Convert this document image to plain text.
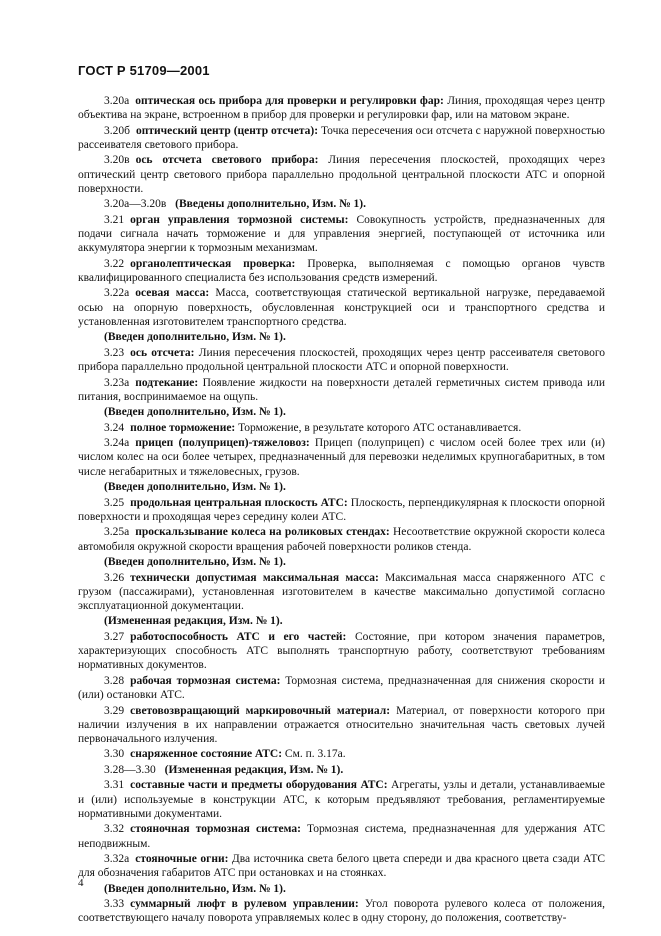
ГОСТ Р 51709—2001

3.20а оптическая ось прибора для проверки и регулировки фар: Линия, проходящая через центр объектива на экране, встроенном в прибор для проверки и регулировки фар, или на матовом экране.

3.20б оптический центр (центр отсчета): Точка пересечения оси отсчета с наружной поверхностью рассеивателя светового прибора.

3.20в ось отсчета светового прибора: Линия пересечения плоскостей, проходящих через оптический центр светового прибора параллельно продольной центральной плоскости АТС и опорной поверхности.

3.20а—3.20в (Введены дополнительно, Изм. № 1).

3.21 орган управления тормозной системы: Совокупность устройств, предназначенных для подачи сигнала начать торможение и для управления энергией, поступающей от источника или аккумулятора энергии к тормозным механизмам.

3.22 органолептическая проверка: Проверка, выполняемая с помощью органов чувств квалифицированного специалиста без использования средств измерений.

3.22а осевая масса: Масса, соответствующая статической вертикальной нагрузке, передаваемой осью на опорную поверхность, обусловленная конструкцией оси и транспортного средства и установленная изготовителем транспортного средства.

(Введен дополнительно, Изм. № 1).

3.23 ось отсчета: Линия пересечения плоскостей, проходящих через центр рассеивателя светового прибора параллельно продольной центральной плоскости АТС и опорной поверхности.

3.23а подтекание: Появление жидкости на поверхности деталей герметичных систем привода или питания, воспринимаемое на ощупь.

(Введен дополнительно, Изм. № 1).

3.24 полное торможение: Торможение, в результате которого АТС останавливается.

3.24а прицеп (полуприцеп)-тяжеловоз: Прицеп (полуприцеп) с числом осей более трех или (и) числом колес на оси более четырех, предназначенный для перевозки неделимых крупногабаритных, в том числе негабаритных и тяжеловесных, грузов.

(Введен дополнительно, Изм. № 1).

3.25 продольная центральная плоскость АТС: Плоскость, перпендикулярная к плоскости опорной поверхности и проходящая через середину колеи АТС.

3.25а проскальзывание колеса на роликовых стендах: Несоответствие окружной скорости колеса автомобиля окружной скорости вращения рабочей поверхности роликов стенда.

(Введен дополнительно, Изм. № 1).

3.26 технически допустимая максимальная масса: Максимальная масса снаряженного АТС с грузом (пассажирами), установленная изготовителем в качестве максимально допустимой согласно эксплуатационной документации.

(Измененная редакция, Изм. № 1).

3.27 работоспособность АТС и его частей: Состояние, при котором значения параметров, характеризующих способность АТС выполнять транспортную работу, соответствуют требованиям нормативных документов.

3.28 рабочая тормозная система: Тормозная система, предназначенная для снижения скорости и (или) остановки АТС.

3.29 световозвращающий маркировочный материал: Материал, от поверхности которого при наличии излучения в их направлении отражается относительно значительная часть световых лучей первоначального излучения.

3.30 снаряженное состояние АТС: См. п. 3.17а.

3.28—3.30 (Измененная редакция, Изм. № 1).

3.31 составные части и предметы оборудования АТС: Агрегаты, узлы и детали, устанавливаемые и (или) используемые в конструкции АТС, к которым предъявляют требования, регламентируемые нормативными документами.

3.32 стояночная тормозная система: Тормозная система, предназначенная для удержания АТС неподвижным.

3.32а стояночные огни: Два источника света белого цвета спереди и два красного цвета сзади АТС для обозначения габаритов АТС при остановках и на стоянках.

(Введен дополнительно, Изм. № 1).

3.33 суммарный люфт в рулевом управлении: Угол поворота рулевого колеса от положения, соответствующего началу поворота управляемых колес в одну сторону, до положения, соответству-

4
